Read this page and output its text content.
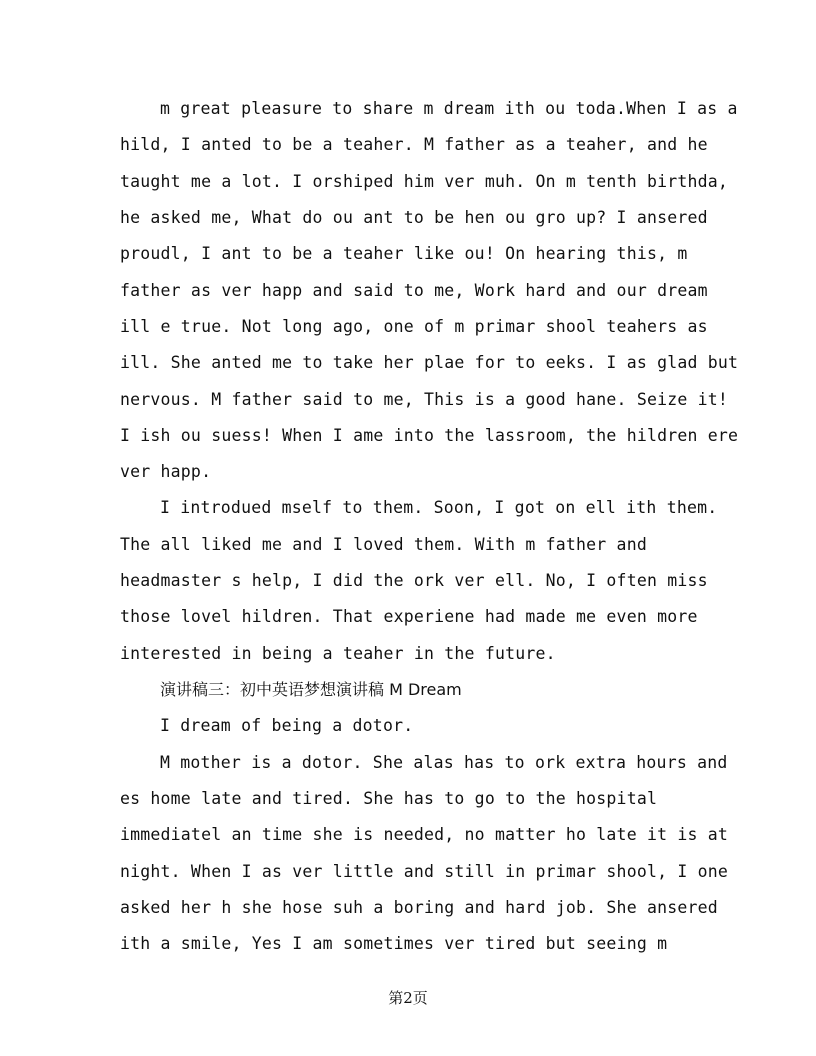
m great pleasure to share m dream ith ou toda.When I as a
hild, I anted to be a teaher. M father as a teaher, and he
taught me a lot. I orshiped him ver muh. On m tenth birthda,
he asked me, What do ou ant to be hen ou gro up? I ansered
proudl, I ant to be a teaher like ou! On hearing this, m
father as ver happ and said to me, Work hard and our dream
ill e true. Not long ago, one of m primar shool teahers as
ill. She anted me to take her plae for to eeks. I as glad but
nervous. M father said to me, This is a good hane. Seize it!
I ish ou suess! When I ame into the lassroom, the hildren ere
ver happ.
I introdued mself to them. Soon, I got on ell ith them.
The all liked me and I loved them. With m father and
headmaster s help, I did the ork ver ell. No, I often miss
those lovel hildren. That experiene had made me even more
interested in being a teaher in the future.
演讲稿三：初中英语梦想演讲稿 M Dream
I dream of being a dotor.
M mother is a dotor. She alas has to ork extra hours and
es home late and tired. She has to go to the hospital
immediatel an time she is needed, no matter ho late it is at
night. When I as ver little and still in primar shool, I one
asked her h she hose suh a boring and hard job. She ansered
ith a smile, Yes I am sometimes ver tired but seeing m
第2页
